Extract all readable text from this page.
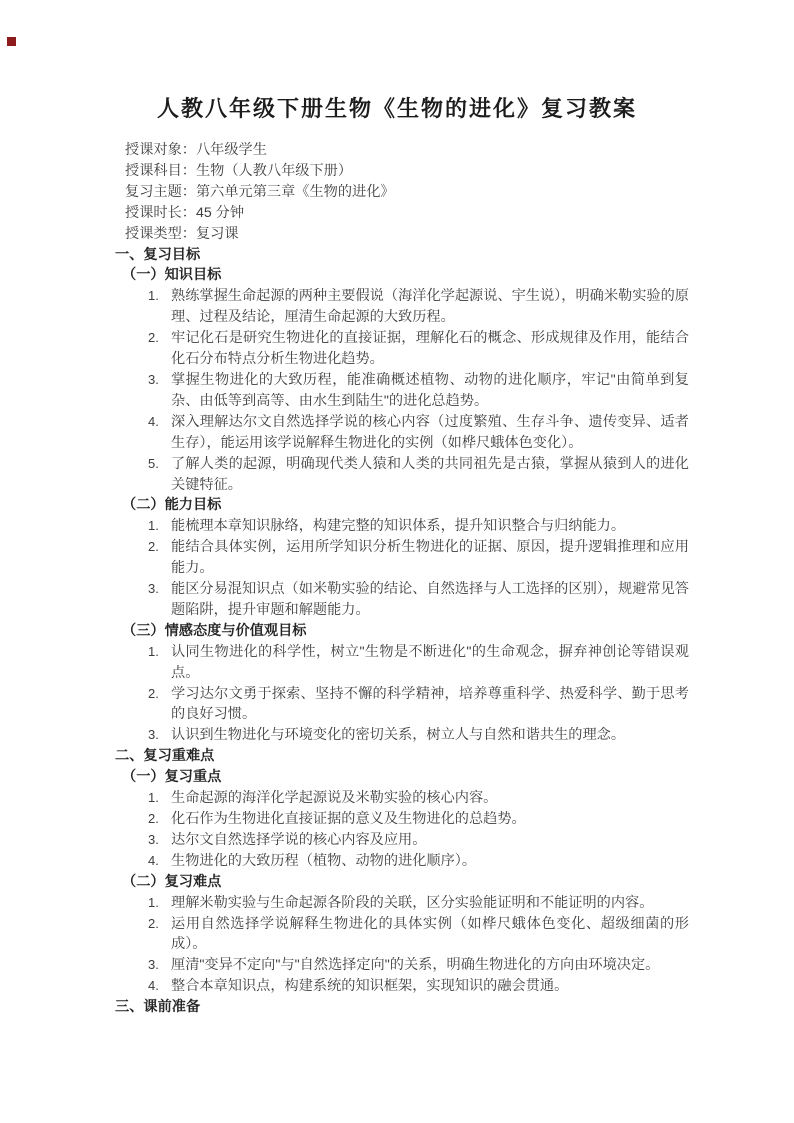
人教八年级下册生物《生物的进化》复习教案
授课对象：八年级学生
授课科目：生物（人教八年级下册）
复习主题：第六单元第三章《生物的进化》
授课时长：45 分钟
授课类型：复习课
一、复习目标
（一）知识目标
1. 熟练掌握生命起源的两种主要假说（海洋化学起源说、宇生说），明确米勒实验的原理、过程及结论，厘清生命起源的大致历程。
2. 牢记化石是研究生物进化的直接证据，理解化石的概念、形成规律及作用，能结合化石分布特点分析生物进化趋势。
3. 掌握生物进化的大致历程，能准确概述植物、动物的进化顺序，牢记"由简单到复杂、由低等到高等、由水生到陆生"的进化总趋势。
4. 深入理解达尔文自然选择学说的核心内容（过度繁殖、生存斗争、遗传变异、适者生存），能运用该学说解释生物进化的实例（如桦尺蛾体色变化）。
5. 了解人类的起源，明确现代类人猿和人类的共同祖先是古猿，掌握从猿到人的进化关键特征。
（二）能力目标
1. 能梳理本章知识脉络，构建完整的知识体系，提升知识整合与归纳能力。
2. 能结合具体实例，运用所学知识分析生物进化的证据、原因，提升逻辑推理和应用能力。
3. 能区分易混知识点（如米勒实验的结论、自然选择与人工选择的区别），规避常见答题陷阱，提升审题和解题能力。
（三）情感态度与价值观目标
1. 认同生物进化的科学性，树立"生物是不断进化"的生命观念，摒弃神创论等错误观点。
2. 学习达尔文勇于探索、坚持不懈的科学精神，培养尊重科学、热爱科学、勤于思考的良好习惯。
3. 认识到生物进化与环境变化的密切关系，树立人与自然和谐共生的理念。
二、复习重难点
（一）复习重点
1. 生命起源的海洋化学起源说及米勒实验的核心内容。
2. 化石作为生物进化直接证据的意义及生物进化的总趋势。
3. 达尔文自然选择学说的核心内容及应用。
4. 生物进化的大致历程（植物、动物的进化顺序）。
（二）复习难点
1. 理解米勒实验与生命起源各阶段的关联，区分实验能证明和不能证明的内容。
2. 运用自然选择学说解释生物进化的具体实例（如桦尺蛾体色变化、超级细菌的形成）。
3. 厘清"变异不定向"与"自然选择定向"的关系，明确生物进化的方向由环境决定。
4. 整合本章知识点，构建系统的知识框架，实现知识的融会贯通。
三、课前准备
